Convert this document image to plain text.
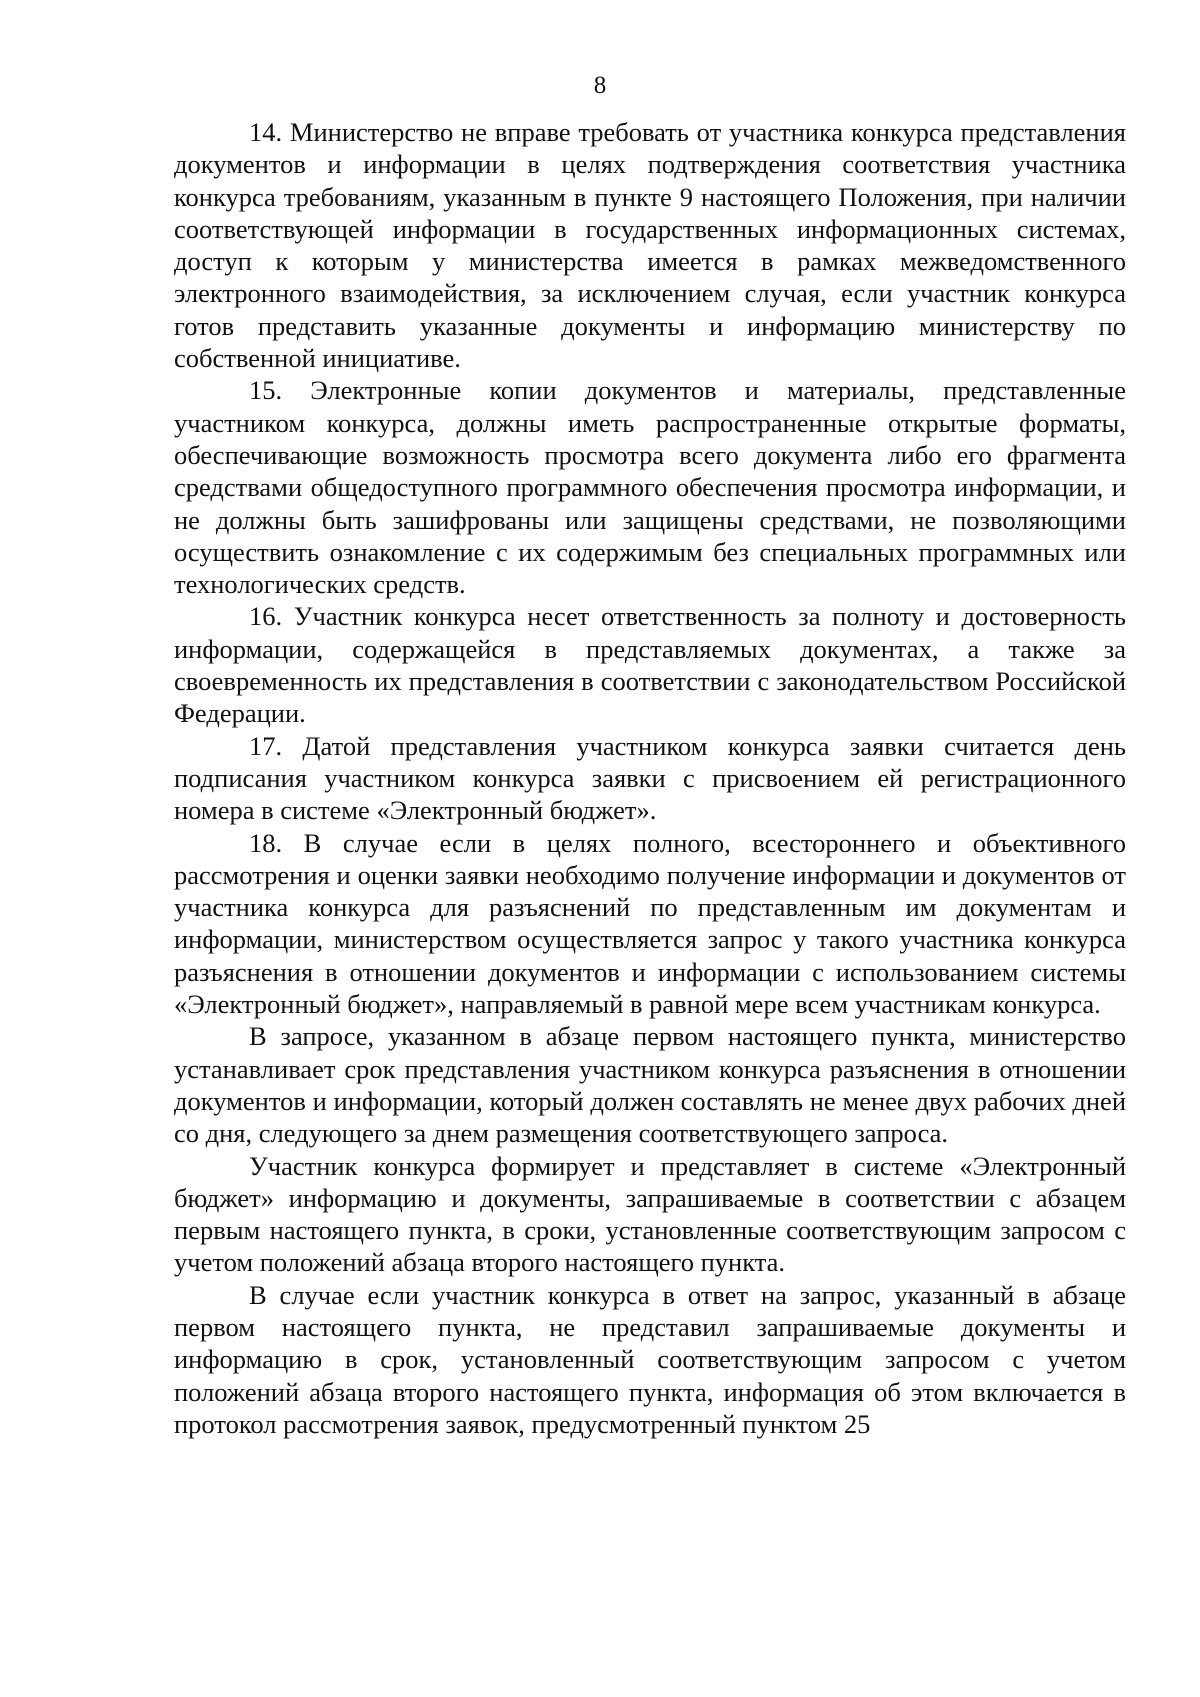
8

14. Министерство не вправе требовать от участника конкурса представления документов и информации в целях подтверждения соответствия участника конкурса требованиям, указанным в пункте 9 настоящего Положения, при наличии соответствующей информации в государственных информационных системах, доступ к которым у министерства имеется в рамках межведомственного электронного взаимодействия, за исключением случая, если участник конкурса готов представить указанные документы и информацию министерству по собственной инициативе.

15. Электронные копии документов и материалы, представленные участником конкурса, должны иметь распространенные открытые форматы, обеспечивающие возможность просмотра всего документа либо его фрагмента средствами общедоступного программного обеспечения просмотра информации, и не должны быть зашифрованы или защищены средствами, не позволяющими осуществить ознакомление с их содержимым без специальных программных или технологических средств.

16. Участник конкурса несет ответственность за полноту и достоверность информации, содержащейся в представляемых документах, а также за своевременность их представления в соответствии с законодательством Российской Федерации.

17. Датой представления участником конкурса заявки считается день подписания участником конкурса заявки с присвоением ей регистрационного номера в системе «Электронный бюджет».

18. В случае если в целях полного, всестороннего и объективного рассмотрения и оценки заявки необходимо получение информации и документов от участника конкурса для разъяснений по представленным им документам и информации, министерством осуществляется запрос у такого участника конкурса разъяснения в отношении документов и информации с использованием системы «Электронный бюджет», направляемый в равной мере всем участникам конкурса.

В запросе, указанном в абзаце первом настоящего пункта, министерство устанавливает срок представления участником конкурса разъяснения в отношении документов и информации, который должен составлять не менее двух рабочих дней со дня, следующего за днем размещения соответствующего запроса.

Участник конкурса формирует и представляет в системе «Электронный бюджет» информацию и документы, запрашиваемые в соответствии с абзацем первым настоящего пункта, в сроки, установленные соответствующим запросом с учетом положений абзаца второго настоящего пункта.

В случае если участник конкурса в ответ на запрос, указанный в абзаце первом настоящего пункта, не представил запрашиваемые документы и информацию в срок, установленный соответствующим запросом с учетом положений абзаца второго настоящего пункта, информация об этом включается в протокол рассмотрения заявок, предусмотренный пунктом 25
